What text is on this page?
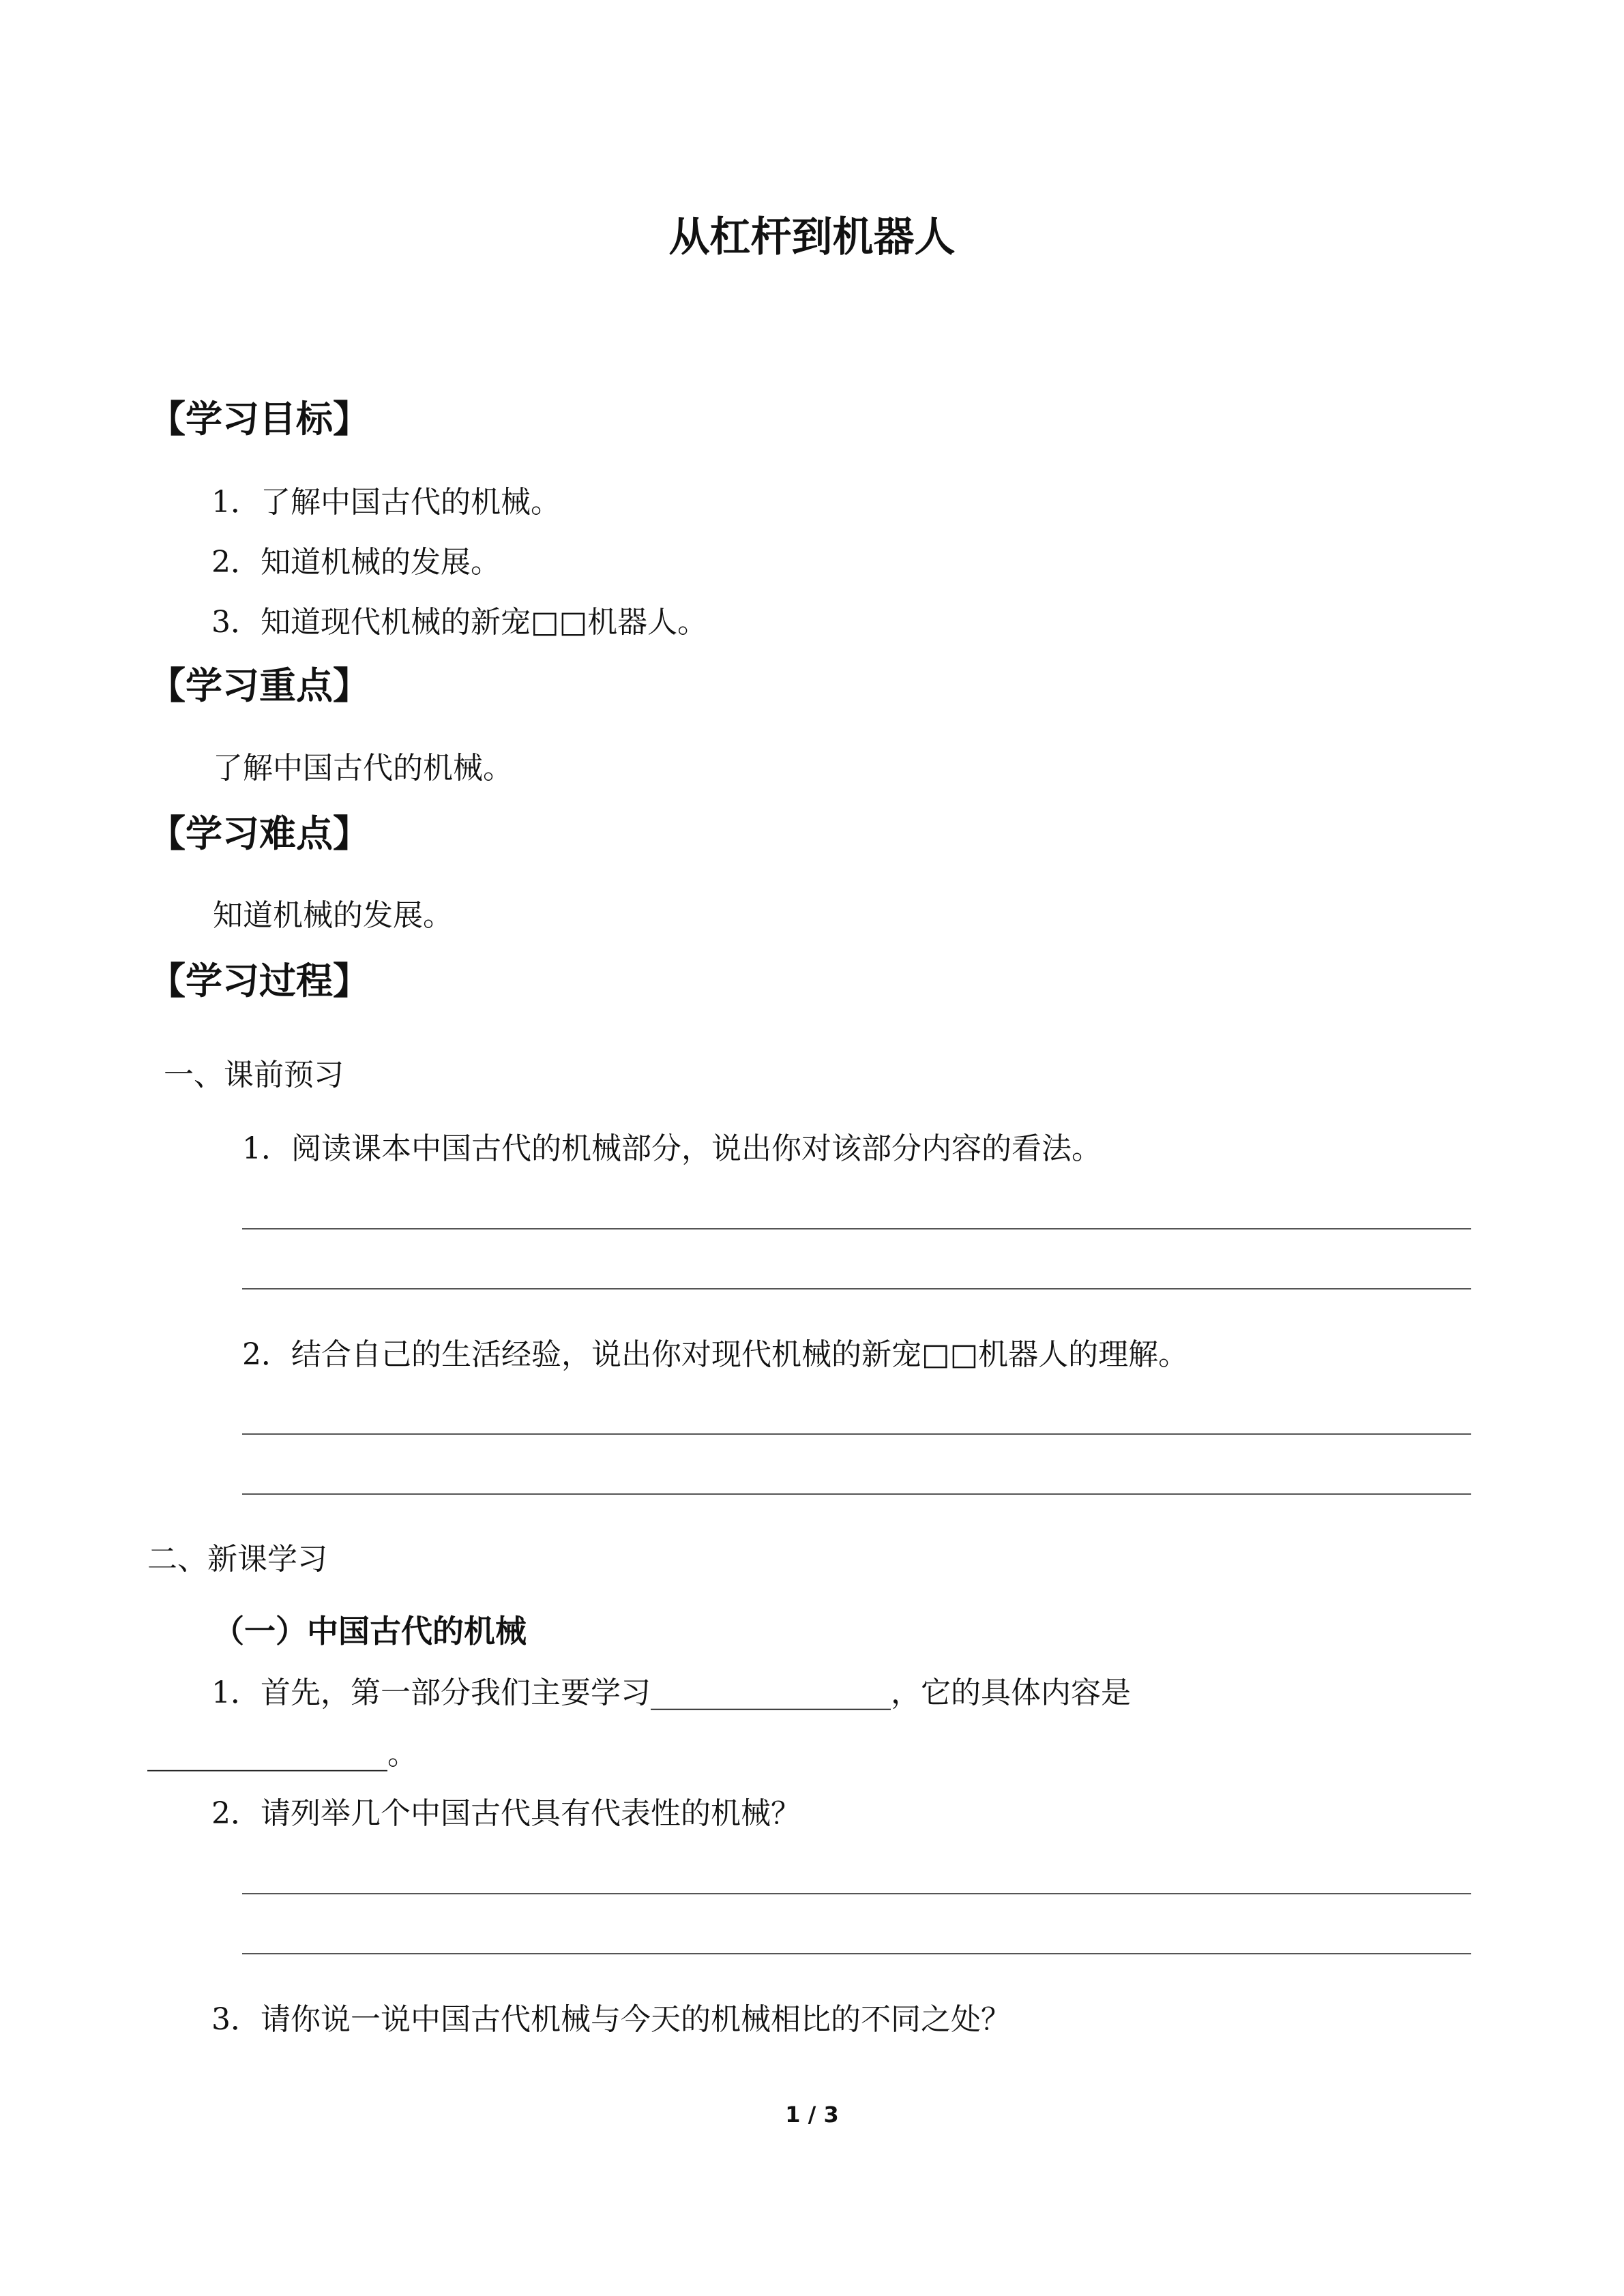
从杠杆到机器人
【学习目标】
1．了解中国古代的机械。
2．知道机械的发展。
3．知道现代机械的新宠□□机器人。
【学习重点】
了解中国古代的机械。
【学习难点】
知道机械的发展。
【学习过程】
一、课前预习
1．阅读课本中国古代的机械部分，说出你对该部分内容的看法。
2．结合自己的生活经验，说出你对现代机械的新宠□□机器人的理解。
二、新课学习
（一）中国古代的机械
1．首先，第一部分我们主要学习________________，它的具体内容是
________________。
2．请列举几个中国古代具有代表性的机械？
3．请你说一说中国古代机械与今天的机械相比的不同之处？
1 / 3
